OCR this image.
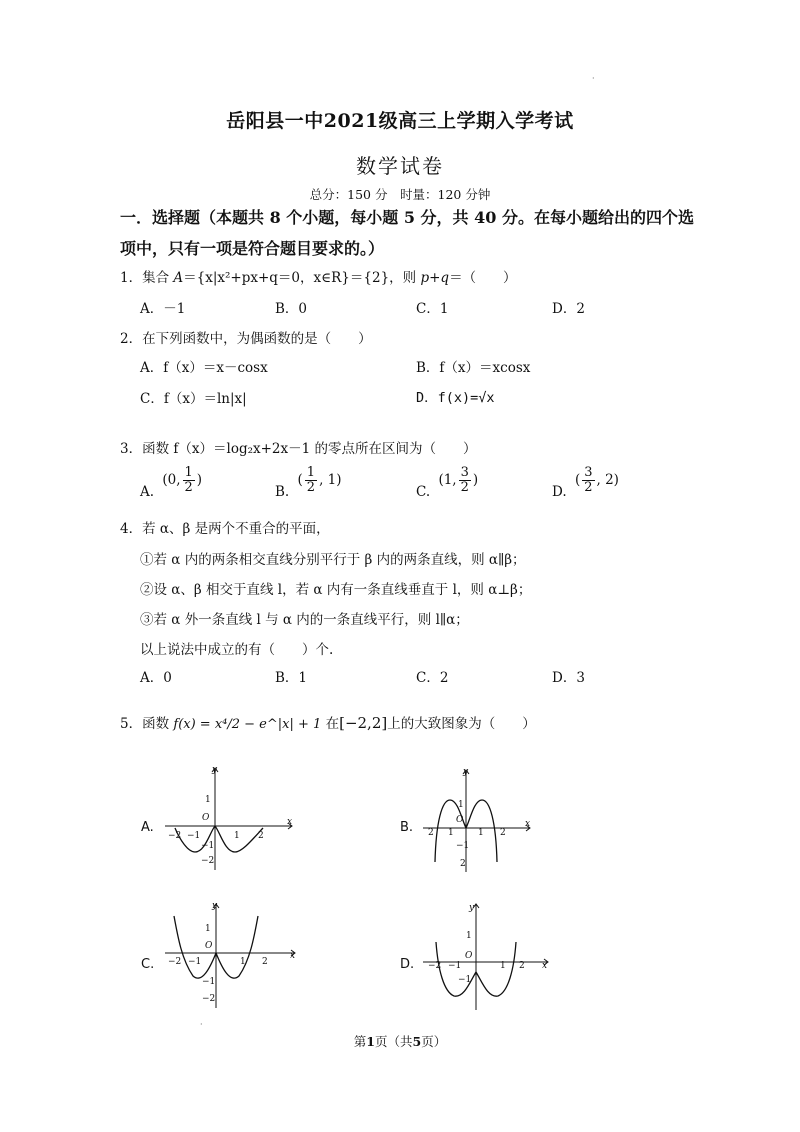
·
岳阳县一中2021级高三上学期入学考试
数学试卷
总分：150 分　时量：120 分钟
一．选择题（本题共 8 个小题，每小题 5 分，共 40 分。在每小题给出的四个选
项中，只有一项是符合题目要求的。）
1．集合 A＝{x|x²+px+q＝0，x∈R}＝{2}，则 p+q＝（　　）
A．－1	B．0	C．1	D．2
2．在下列函数中，为偶函数的是（　　）
A．f（x）＝x－cosx	B．f（x）＝xcosx
C．f（x）＝ln|x|	D．f(x)=√x
3．函数 f（x）＝log₂x+2x－1 的零点所在区间为（　　）
A. (0, $\frac{1}{2}$ )
B. ( $\frac{1}{2}$ , 1)
C. (1, $\frac{3}{2}$ )
D. ( $\frac{3}{2}$ , 2)
4．若 α、β 是两个不重合的平面，
①若 α 内的两条相交直线分别平行于 β 内的两条直线，则 α∥β；
②设 α、β 相交于直线 l，若 α 内有一条直线垂直于 l，则 α⊥β；
③若 α 外一条直线 l 与 α 内的一条直线平行，则 l∥α；
以上说法中成立的有（　　）个.
A．0	B．1	C．2	D．3
5．函数 f(x) = x⁴/2 − e^|x| + 1 在[−2,2]上的大致图象为（　　）
A.
y
x
1
O
−2 −1	1 2
−1
−2
B.
y
x
1
O
2 1	1 2
−1
2
C.
y
x
1
O
−2 −1	1 2
−1
−2
D.
y
x
1
O
−2 −1	1 2
−1
·
第1页（共5页）
